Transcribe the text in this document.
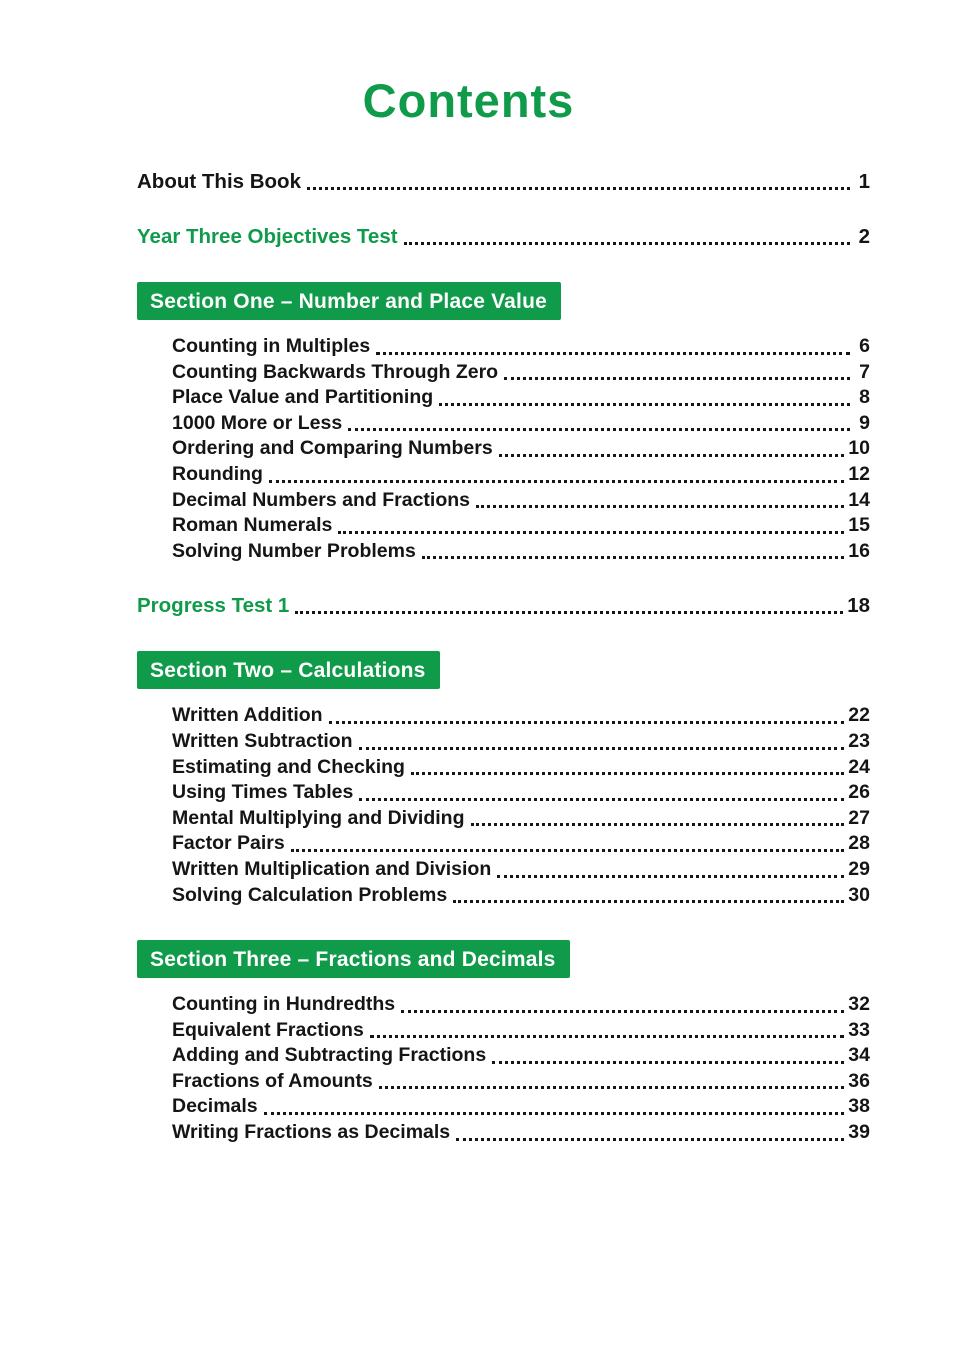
Contents
About This Book	1
Year Three Objectives Test	2
Section One – Number and Place Value
Counting in Multiples	6
Counting Backwards Through Zero	7
Place Value and Partitioning	8
1000 More or Less	9
Ordering and Comparing Numbers	10
Rounding	12
Decimal Numbers and Fractions	14
Roman Numerals	15
Solving Number Problems	16
Progress Test 1	18
Section Two – Calculations
Written Addition	22
Written Subtraction	23
Estimating and Checking	24
Using Times Tables	26
Mental Multiplying and Dividing	27
Factor Pairs	28
Written Multiplication and Division	29
Solving Calculation Problems	30
Section Three – Fractions and Decimals
Counting in Hundredths	32
Equivalent Fractions	33
Adding and Subtracting Fractions	34
Fractions of Amounts	36
Decimals	38
Writing Fractions as Decimals	39
